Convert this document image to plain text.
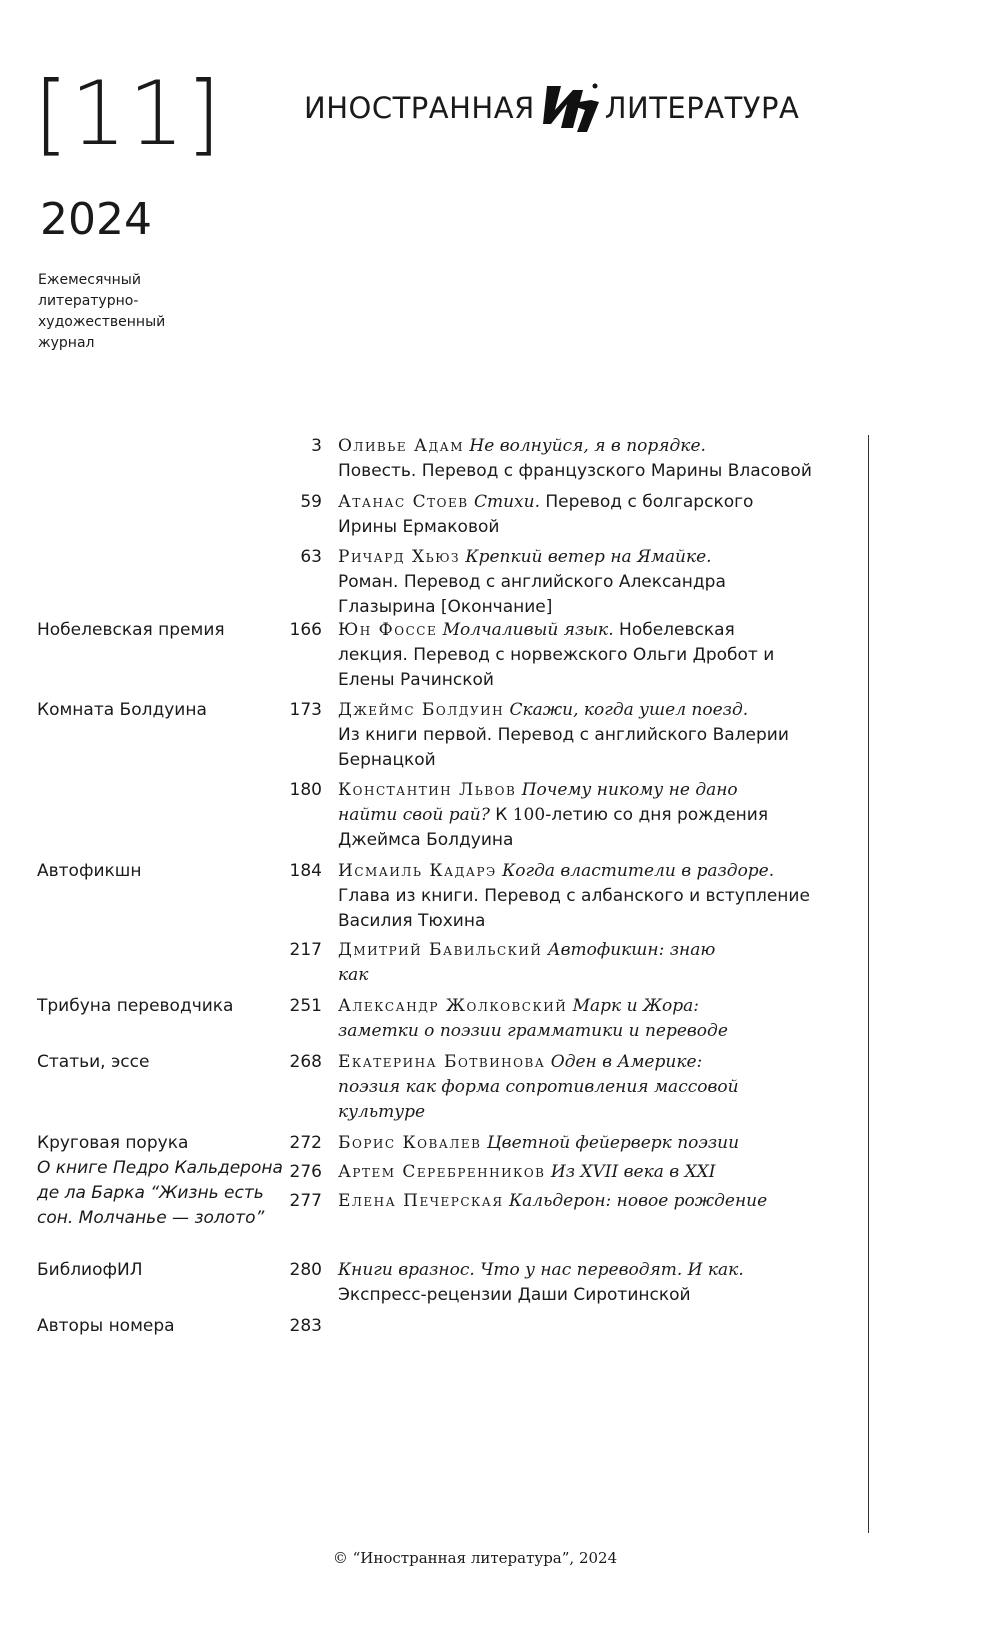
[11]
2024
Ежемесячный
литературно-
художественный
журнал
ИНОСТРАННАЯ ЛИТЕРАТУРА
Нобелевская премия
Комната Болдуина
Автофикшн
Трибуна переводчика
Статьи, эссе
Круговая порука
О книге Педро Кальдерона
де ла Барка “Жизнь есть
сон. Молчанье — золото”
БиблиофИЛ
Авторы номера
3 Оливье Адам Не волнуйся, я в порядке.
Повесть. Перевод с французского Марины Власовой
59 Атанас Стоев Стихи. Перевод с болгарского
Ирины Ермаковой
63 Ричард Хьюз Крепкий ветер на Ямайке.
Роман. Перевод с английского Александра
Глазырина [Окончание]
166 Юн Фоссе Молчаливый язык. Нобелевская
лекция. Перевод с норвежского Ольги Дробот и
Елены Рачинской
173 Джеймс Болдуин Скажи, когда ушел поезд.
Из книги первой. Перевод с английского Валерии
Бернацкой
180 Константин Львов Почему никому не дано
найти свой рай? К 100-летию со дня рождения
Джеймса Болдуина
184 Исмаиль Кадарэ Когда властители в раздоре.
Глава из книги. Перевод с албанского и вступление
Василия Тюхина
217 Дмитрий Бавильский Автофикшн: знаю
как
251 Александр Жолковский Марк и Жора:
заметки о поэзии грамматики и переводе
268 Екатерина Ботвинова Оден в Америке:
поэзия как форма сопротивления массовой
культуре
272 Борис Ковалев Цветной фейерверк поэзии
276 Артем Серебренников Из XVII века в XXI
277 Елена Печерская Кальдерон: новое рождение
280 Книги вразнос. Что у нас переводят. И как.
Экспресс-рецензии Даши Сиротинской
283
© “Иностранная литература”, 2024
